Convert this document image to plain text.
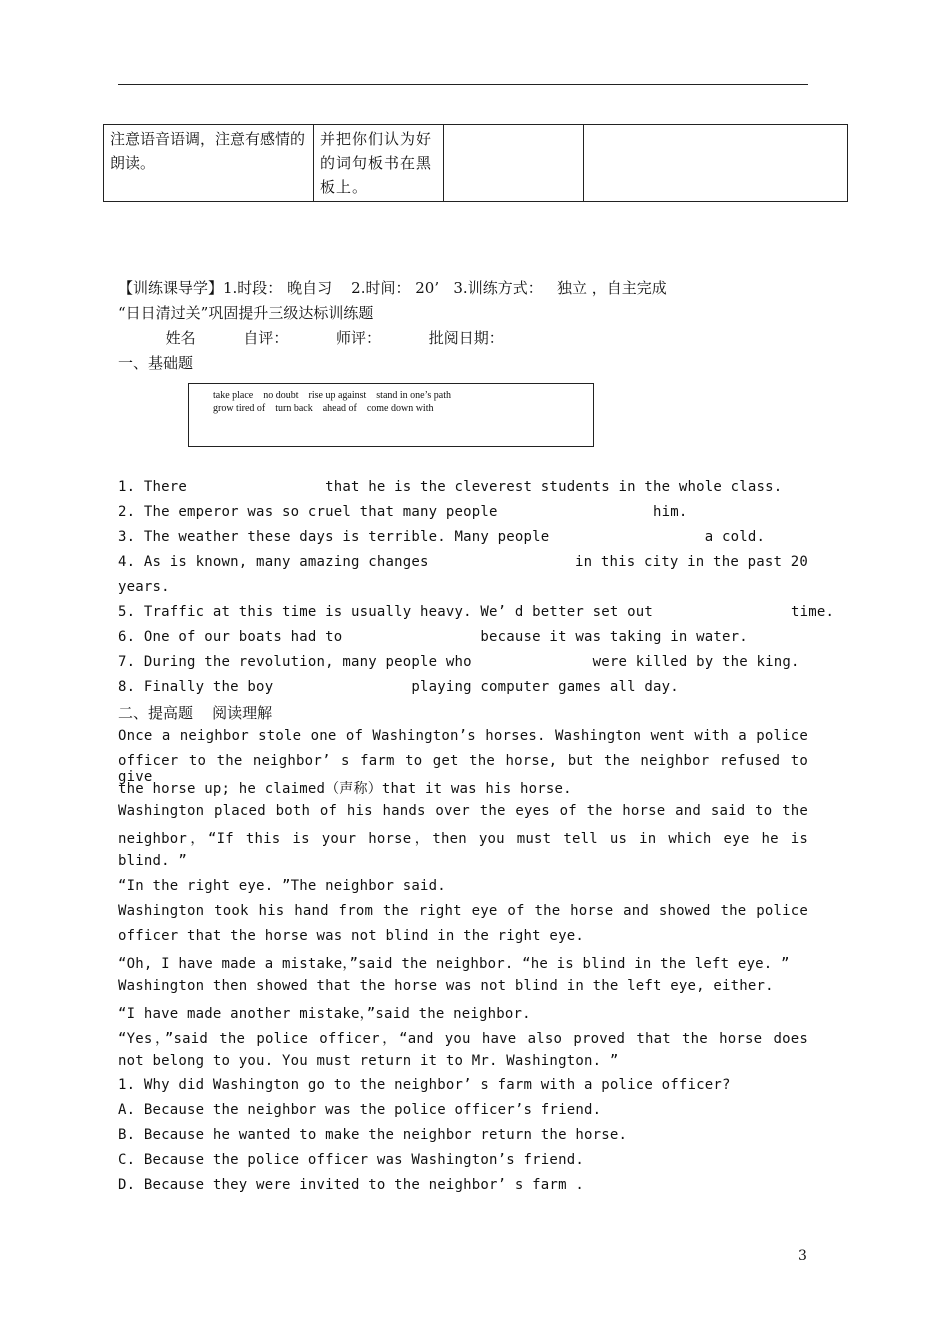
注意语音语调，注意有感情的朗读。	并把你们认为好的词句板书在黑板上。		
【训练课导学】1.时段： 晚自习    2.时间： 20’   3.训练方式：   独立 ，自主完成
“日日清过关”巩固提升三级达标训练题
姓名          自评：          师评：          批阅日期：
一、基础题
take place    no doubt    rise up against    stand in one’s path
grow tired of    turn back    ahead of    come down with
1. There                that he is the cleverest students in the whole class.
2. The emperor was so cruel that many people                  him.
3. The weather these days is terrible. Many people                  a cold.
4. As is known, many amazing changes	in this city in the past 20
years.
5. Traffic at this time is usually heavy. We’ d better set out                time.
6. One of our boats had to                because it was taking in water.
7. During the revolution, many people who              were killed by the king.
8. Finally the boy                playing computer games all day.
二、提高题    阅读理解
Once a neighbor stole one of Washington’s horses. Washington went with a police
officer to the neighbor’ s farm to get the horse, but the neighbor refused to give
the horse up; he claimed（声称）that it was his horse.
Washington placed both of his hands over the eyes of the horse and said to the
neighbor，“If this is your horse，then you must tell us in which eye he is
blind. ”
“In the right eye. ”The neighbor said.
Washington took his hand from the right eye of the horse and showed the police
officer that the horse was not blind in the right eye.
“Oh, I have made a mistake，”said the neighbor. “he is blind in the left eye. ”
Washington then showed that the horse was not blind in the left eye, either.
“I have made another mistake，”said the neighbor.
“Yes，”said the police officer，“and you have also proved that the horse does
not belong to you. You must return it to Mr. Washington. ”
1. Why did Washington go to the neighbor’ s farm with a police officer?
A. Because the neighbor was the police officer’s friend.
B. Because he wanted to make the neighbor return the horse.
C. Because the police officer was Washington’s friend.
D. Because they were invited to the neighbor’ s farm .
3
